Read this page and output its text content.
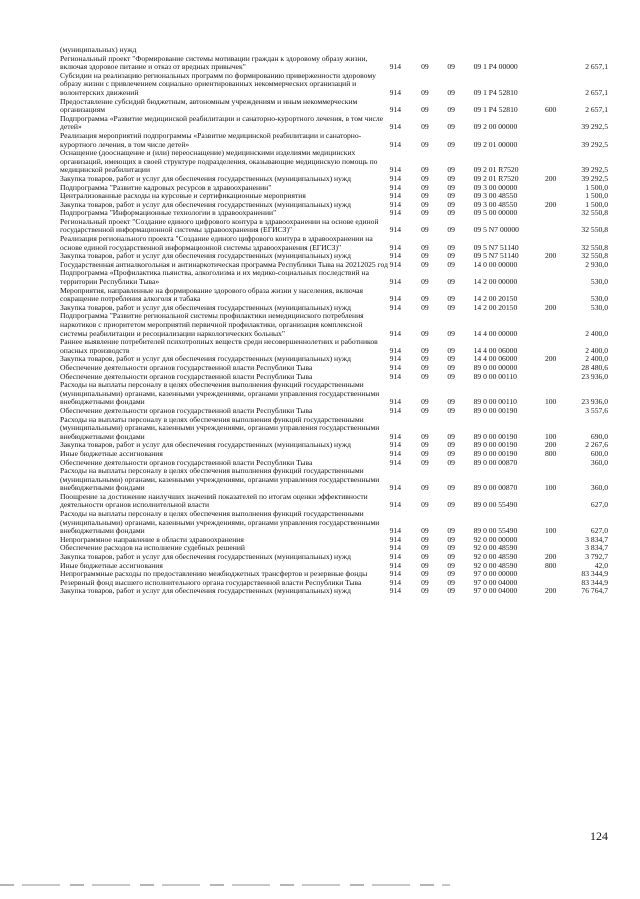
(муниципальных) нужд						
Региональный проект "Формирование системы мотивации граждан к здоровому образу жизни, включая здоровое питание и отказ от вредных привычек"	914	09	09	09 1 Р4 00000		2 657,1
Субсидии на реализацию региональных программ по формированию приверженности здоровому образу жизни с привлечением социально ориентированных некоммерческих организаций и волонтерских движений	914	09	09	09 1 Р4 52810		2 657,1
Предоставление субсидий бюджетным, автономным учреждениям и иным некоммерческим организациям	914	09	09	09 1 Р4 52810	600	2 657,1
Подпрограмма «Развитие медицинской реабилитации и санаторно-курортного лечения, в том числе детей»	914	09	09	09 2 00 00000		39 292,5
Реализация мероприятий подпрограммы «Развитие медицинской реабилитации и санаторно-курортного лечения, в том числе детей»	914	09	09	09 2 01 00000		39 292,5
Оснащение (дооснащение и (или) переоснащение) медицинскими изделиями медицинских организаций, имеющих в своей структуре подразделения, оказывающие медицинскую помощь по медицинской реабилитации	914	09	09	09 2 01 R7520		39 292,5
Закупка товаров, работ и услуг для обеспечения государственных (муниципальных) нужд	914	09	09	09 2 01 R7520	200	39 292,5
Подпрограмма "Развитие кадровых ресурсов в здравоохранении"	914	09	09	09 3 00 00000		1 500,0
Централизованные расходы на курсовые и сертификационные мероприятия	914	09	09	09 3 00 48550		1 500,0
Закупка товаров, работ и услуг для обеспечения государственных (муниципальных) нужд	914	09	09	09 3 00 48550	200	1 500,0
Подпрограмма "Информационные технологии в здравоохранении"	914	09	09	09 5 00 00000		32 550,8
Региональный проект "Создание единого цифрового контура в здравоохранении на основе единой государственной информационной системы здравоохранения (ЕГИСЗ)"	914	09	09	09 5 N7 00000		32 550,8
Реализация регионального проекта "Создание единого цифрового контура в здравоохранении на основе единой государственной информационной системы здравоохранения (ЕГИСЗ)"	914	09	09	09 5 N7 51140		32 550,8
Закупка товаров, работ и услуг для обеспечения государственных (муниципальных) нужд	914	09	09	09 5 N7 51140	200	32 550,8
Государственная антиалкогольная и антинаркотическая программа Республики Тыва на 20212025 год	914	09	09	14 0 00 00000		2 930,0
Подпрограмма «Профилактика пьянства, алкоголизма и их медико-социальных последствий на территории Республики Тыва»	914	09	09	14 2 00 00000		530,0
Мероприятия, направленные на формирование здорового образа жизни у населения, включая сокращение потребления алкоголя и табака	914	09	09	14 2 00 20150		530,0
Закупка товаров, работ и услуг для обеспечения государственных (муниципальных) нужд	914	09	09	14 2 00 20150	200	530,0
Подпрограмма "Развитие региональной системы профилактики немедицинского потребления наркотиков с приоритетом мероприятий первичной профилактики, организация комплексной системы реабилитации и ресоциализации наркологических больных"	914	09	09	14 4 00 00000		2 400,0
Раннее выявление потребителей психотропных веществ среди несовершеннолетних и работников опасных производств	914	09	09	14 4 00 06000		2 400,0
Закупка товаров, работ и услуг для обеспечения государственных (муниципальных) нужд	914	09	09	14 4 00 06000	200	2 400,0
Обеспечение деятельности органов государственной власти Республики Тыва	914	09	09	89 0 00 00000		28 480,6
Обеспечение деятельности органов государственной власти Республики Тыва	914	09	09	89 0 00 00110		23 936,0
Расходы на выплаты персоналу в целях обеспечения выполнения функций государственными (муниципальными) органами, казенными учреждениями, органами управления государственными внебюджетными фондами	914	09	09	89 0 00 00110	100	23 936,0
Обеспечение деятельности органов государственной власти Республики Тыва	914	09	09	89 0 00 00190		3 557,6
Расходы на выплаты персоналу в целях обеспечения выполнения функций государственными (муниципальными) органами, казенными учреждениями, органами управления государственными внебюджетными фондами	914	09	09	89 0 00 00190	100	690,0
Закупка товаров, работ и услуг для обеспечения государственных (муниципальных) нужд	914	09	09	89 0 00 00190	200	2 267,6
Иные бюджетные ассигнования	914	09	09	89 0 00 00190	800	600,0
Обеспечение деятельности органов государственной власти Республики Тыва	914	09	09	89 0 00 00870		360,0
Расходы на выплаты персоналу в целях обеспечения выполнения функций государственными (муниципальными) органами, казенными учреждениями, органами управления государственными внебюджетными фондами	914	09	09	89 0 00 00870	100	360,0
Поощрение за достижение наилучших значений показателей по итогам оценки эффективности деятельности органов исполнительной власти	914	09	09	89 0 00 55490		627,0
Расходы на выплаты персоналу в целях обеспечения выполнения функций государственными (муниципальными) органами, казенными учреждениями, органами управления государственными внебюджетными фондами	914	09	09	89 0 00 55490	100	627,0
Непрограммное направление в области здравоохранения	914	09	09	92 0 00 00000		3 834,7
Обеспечение расходов на исполнение судебных решений	914	09	09	92 0 00 48590		3 834,7
Закупка товаров, работ и услуг для обеспечения государственных (муниципальных) нужд	914	09	09	92 0 00 48590	200	3 792,7
Иные бюджетные ассигнования	914	09	09	92 0 00 48590	800	42,0
Непрограммные расходы по предоставлению межбюджетных трансфертов и резервные фонды	914	09	09	97 0 00 00000		83 344,9
Резервный фонд высшего исполнительного органа государственной власти Республики Тыва	914	09	09	97 0 00 04000		83 344,9
Закупка товаров, работ и услуг для обеспечения государственных (муниципальных) нужд	914	09	09	97 0 00 04000	200	76 764,7
124
